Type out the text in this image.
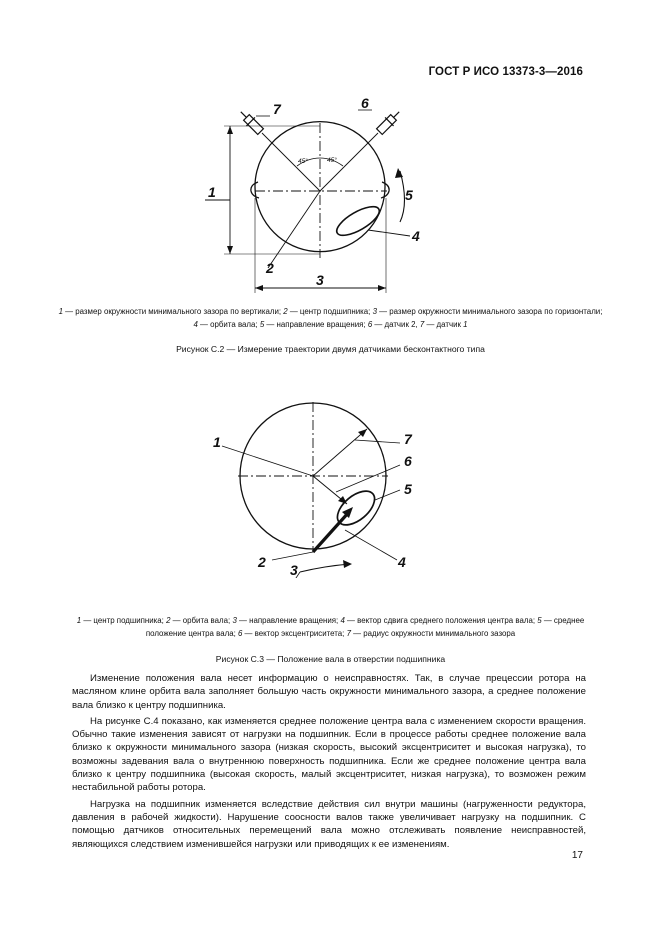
ГОСТ Р ИСО 13373-3—2016
45°	45°
1
2
3
4
5
6
7
1 — размер окружности минимального зазора по вертикали; 2 — центр подшипника; 3 — размер окружности минимального зазора по горизонтали; 4 — орбита вала; 5 — направление вращения; 6 — датчик 2, 7 — датчик 1
Рисунок С.2 — Измерение траектории двумя датчиками бесконтактного типа
1
2 3	4
5
6
7
1 — центр подшипника; 2 — орбита вала; 3 — направление вращения; 4 — вектор сдвига среднего положения центра вала; 5 — среднее положение центра вала; 6 — вектор эксцентриситета; 7 — радиус окружности минимального зазора
Рисунок С.3 — Положение вала в отверстии подшипника

Изменение положения вала несет информацию о неисправностях. Так, в случае прецессии ротора на масляном клине орбита вала заполняет большую часть окружности минимального зазора, а среднее положение вала близко к центру подшипника.

На рисунке С.4 показано, как изменяется среднее положение центра вала с изменением скорости вращения. Обычно такие изменения зависят от нагрузки на подшипник. Если в процессе работы среднее положение вала близко к окружности минимального зазора (низкая скорость, высокий эксцентриситет и высокая нагрузка), то возможны задевания вала о внутреннюю поверхность подшипника. Если же среднее положение центра вала близко к центру подшипника (высокая скорость, малый эксцентриситет, низкая нагрузка), то возможен режим нестабильной работы ротора.

Нагрузка на подшипник изменяется вследствие действия сил внутри машины (нагруженности редуктора, давления в рабочей жидкости). Нарушение соосности валов также увеличивает нагрузку на подшипник. С помощью датчиков относительных перемещений вала можно отслеживать появление неисправностей, являющихся следствием изменившейся нагрузки или приводящих к ее изменениям.

17
